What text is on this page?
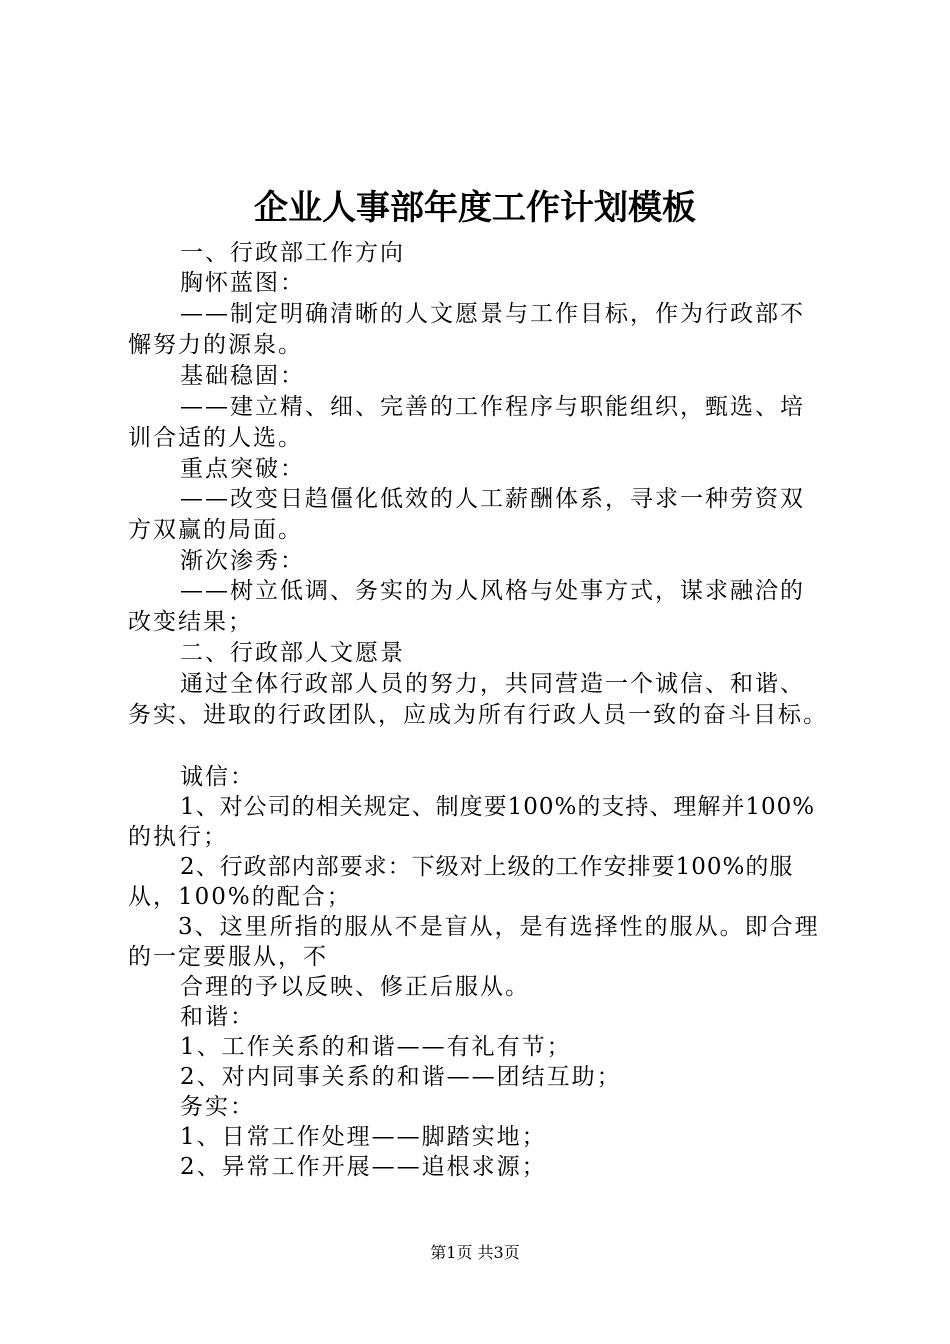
企业人事部年度工作计划模板
一、行政部工作方向
胸怀蓝图：
——制定明确清晰的人文愿景与工作目标，作为行政部不
懈努力的源泉。
基础稳固：
——建立精、细、完善的工作程序与职能组织，甄选、培
训合适的人选。
重点突破：
——改变日趋僵化低效的人工薪酬体系，寻求一种劳资双
方双赢的局面。
渐次渗秀：
——树立低调、务实的为人风格与处事方式，谋求融洽的
改变结果；
二、行政部人文愿景
通过全体行政部人员的努力，共同营造一个诚信、和谐、
务实、进取的行政团队，应成为所有行政人员一致的奋斗目标。
诚信：
1、对公司的相关规定、制度要100%的支持、理解并100%
的执行；
2、行政部内部要求：下级对上级的工作安排要100%的服
从，100%的配合；
3、这里所指的服从不是盲从，是有选择性的服从。即合理
的一定要服从，不
合理的予以反映、修正后服从。
和谐：
1、工作关系的和谐——有礼有节；
2、对内同事关系的和谐——团结互助；
务实：
1、日常工作处理——脚踏实地；
2、异常工作开展——追根求源；
第1页 共3页
